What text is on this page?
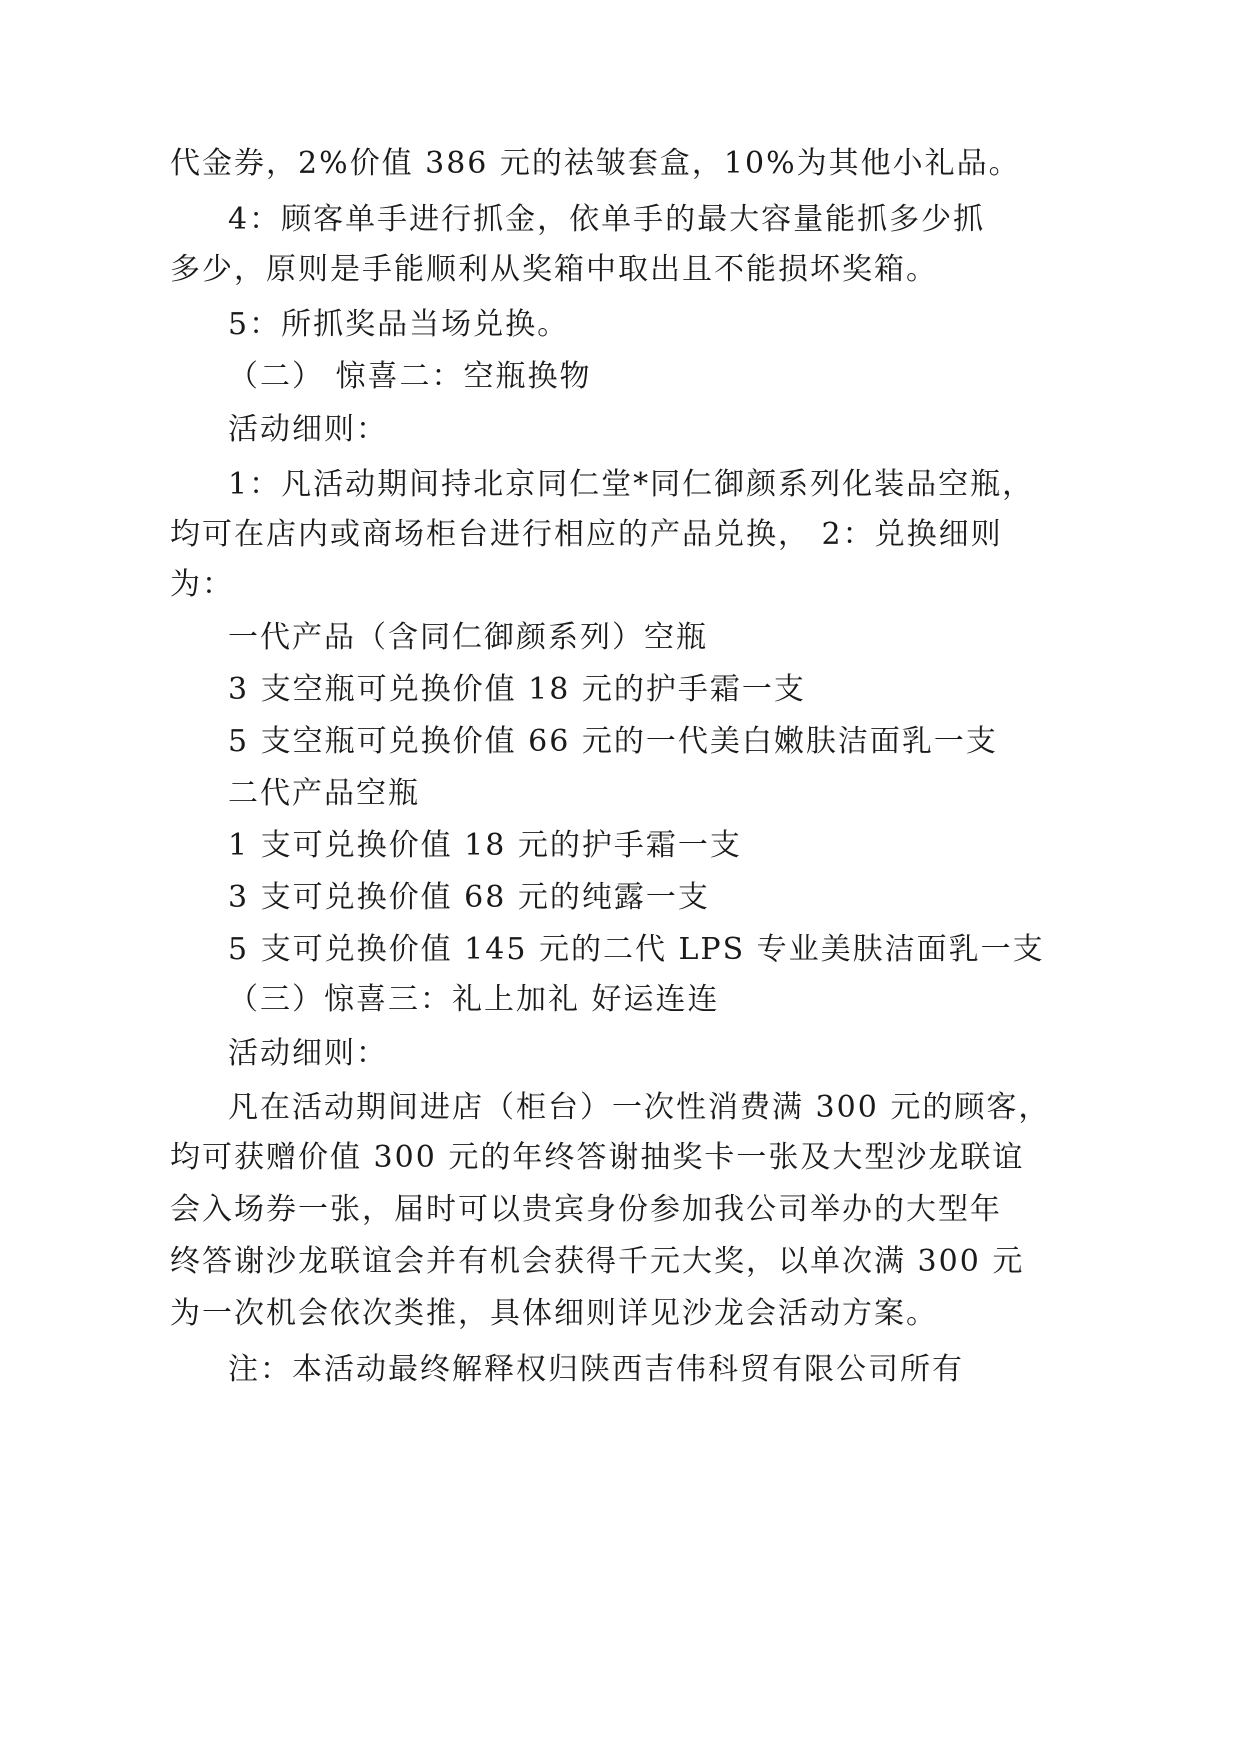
代金券，2%价值 386 元的祛皱套盒，10%为其他小礼品。
4：顾客单手进行抓金，依单手的最大容量能抓多少抓
多少，原则是手能顺利从奖箱中取出且不能损坏奖箱。
5：所抓奖品当场兑换。
（二） 惊喜二：空瓶换物
活动细则：
1：凡活动期间持北京同仁堂*同仁御颜系列化装品空瓶，
均可在店内或商场柜台进行相应的产品兑换， 2：兑换细则
为：
一代产品（含同仁御颜系列）空瓶
3 支空瓶可兑换价值 18 元的护手霜一支
5 支空瓶可兑换价值 66 元的一代美白嫩肤洁面乳一支
二代产品空瓶
1 支可兑换价值 18 元的护手霜一支
3 支可兑换价值 68 元的纯露一支
5 支可兑换价值 145 元的二代 LPS 专业美肤洁面乳一支
（三）惊喜三：礼上加礼 好运连连
活动细则：
凡在活动期间进店（柜台）一次性消费满 300 元的顾客，
均可获赠价值 300 元的年终答谢抽奖卡一张及大型沙龙联谊
会入场券一张，届时可以贵宾身份参加我公司举办的大型年
终答谢沙龙联谊会并有机会获得千元大奖，以单次满 300 元
为一次机会依次类推，具体细则详见沙龙会活动方案。
注：本活动最终解释权归陕西吉伟科贸有限公司所有
